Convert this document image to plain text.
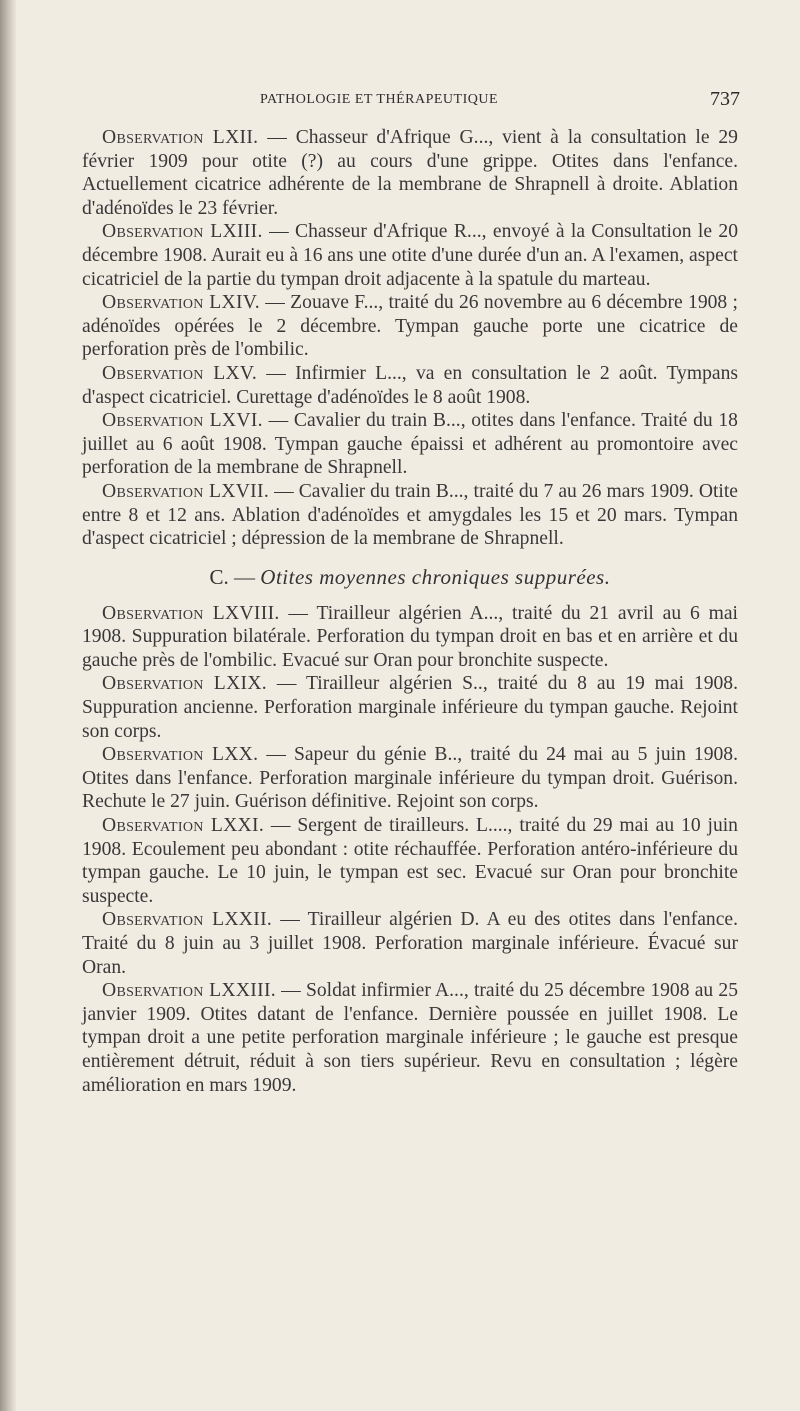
PATHOLOGIE ET THÉRAPEUTIQUE	737

Observation LXII. — Chasseur d'Afrique G..., vient à la consultation le 29 février 1909 pour otite (?) au cours d'une grippe. Otites dans l'enfance. Actuellement cicatrice adhérente de la membrane de Shrapnell à droite. Ablation d'adénoïdes le 23 février.

Observation LXIII. — Chasseur d'Afrique R..., envoyé à la Consultation le 20 décembre 1908. Aurait eu à 16 ans une otite d'une durée d'un an. A l'examen, aspect cicatriciel de la partie du tympan droit adjacente à la spatule du marteau.

Observation LXIV. — Zouave F..., traité du 26 novembre au 6 décembre 1908 ; adénoïdes opérées le 2 décembre. Tympan gauche porte une cicatrice de perforation près de l'ombilic.

Observation LXV. — Infirmier L..., va en consultation le 2 août. Tympans d'aspect cicatriciel. Curettage d'adénoïdes le 8 août 1908.

Observation LXVI. — Cavalier du train B..., otites dans l'enfance. Traité du 18 juillet au 6 août 1908. Tympan gauche épaissi et adhérent au promontoire avec perforation de la membrane de Shrapnell.

Observation LXVII. — Cavalier du train B..., traité du 7 au 26 mars 1909. Otite entre 8 et 12 ans. Ablation d'adénoïdes et amygdales les 15 et 20 mars. Tympan d'aspect cicatriciel ; dépression de la membrane de Shrapnell.

C. — Otites moyennes chroniques suppurées.

Observation LXVIII. — Tirailleur algérien A..., traité du 21 avril au 6 mai 1908. Suppuration bilatérale. Perforation du tympan droit en bas et en arrière et du gauche près de l'ombilic. Evacué sur Oran pour bronchite suspecte.

Observation LXIX. — Tirailleur algérien S.., traité du 8 au 19 mai 1908. Suppuration ancienne. Perforation marginale inférieure du tympan gauche. Rejoint son corps.

Observation LXX. — Sapeur du génie B.., traité du 24 mai au 5 juin 1908. Otites dans l'enfance. Perforation marginale inférieure du tympan droit. Guérison. Rechute le 27 juin. Guérison définitive. Rejoint son corps.

Observation LXXI. — Sergent de tirailleurs. L...., traité du 29 mai au 10 juin 1908. Ecoulement peu abondant : otite réchauffée. Perforation antéro-inférieure du tympan gauche. Le 10 juin, le tympan est sec. Evacué sur Oran pour bronchite suspecte.

Observation LXXII. — Tirailleur algérien D. A eu des otites dans l'enfance. Traité du 8 juin au 3 juillet 1908. Perforation marginale inférieure. Évacué sur Oran.

Observation LXXIII. — Soldat infirmier A..., traité du 25 décembre 1908 au 25 janvier 1909. Otites datant de l'enfance. Dernière poussée en juillet 1908. Le tympan droit a une petite perforation marginale inférieure ; le gauche est presque entièrement détruit, réduit à son tiers supérieur. Revu en consultation ; légère amélioration en mars 1909.
